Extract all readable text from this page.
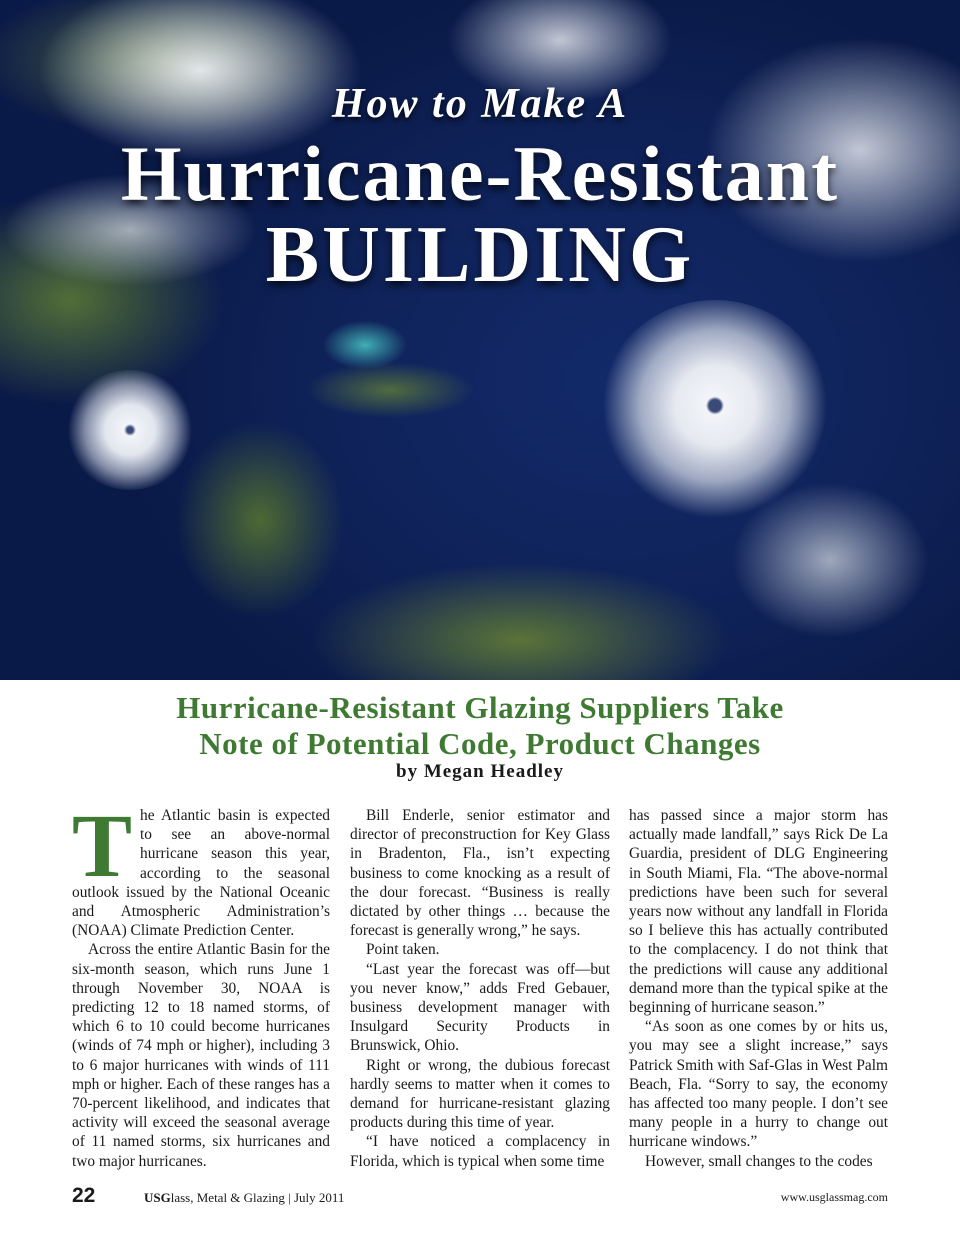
How to Make A
Hurricane-Resistant
BUILDING
Hurricane-Resistant Glazing Suppliers Take
Note of Potential Code, Product Changes

by Megan Headley

The Atlantic basin is expected to see an above-normal hurricane season this year, according to the seasonal outlook issued by the National Oceanic and Atmospheric Administration’s (NOAA) Climate Prediction Center.

Across the entire Atlantic Basin for the six-month season, which runs June 1 through November 30, NOAA is predicting 12 to 18 named storms, of which 6 to 10 could become hurricanes (winds of 74 mph or higher), including 3 to 6 major hurricanes with winds of 111 mph or higher. Each of these ranges has a 70-percent likelihood, and indicates that activity will exceed the seasonal average of 11 named storms, six hurricanes and two major hurricanes.

Bill Enderle, senior estimator and director of preconstruction for Key Glass in Bradenton, Fla., isn’t expecting business to come knocking as a result of the dour forecast. “Business is really dictated by other things … because the forecast is generally wrong,” he says.

Point taken.

“Last year the forecast was off—but you never know,” adds Fred Gebauer, business development manager with Insulgard Security Products in Brunswick, Ohio.

Right or wrong, the dubious forecast hardly seems to matter when it comes to demand for hurricane-resistant glazing products during this time of year.

“I have noticed a complacency in Florida, which is typical when some time

has passed since a major storm has actually made landfall,” says Rick De La Guardia, president of DLG Engineering in South Miami, Fla. “The above-normal predictions have been such for several years now without any landfall in Florida so I believe this has actually contributed to the complacency. I do not think that the predictions will cause any additional demand more than the typical spike at the beginning of hurricane season.”

“As soon as one comes by or hits us, you may see a slight increase,” says Patrick Smith with Saf-Glas in West Palm Beach, Fla. “Sorry to say, the economy has affected too many people. I don’t see many people in a hurry to change out hurricane windows.”

However, small changes to the codes

22	USGlass, Metal & Glazing | July 2011	www.usglassmag.com
